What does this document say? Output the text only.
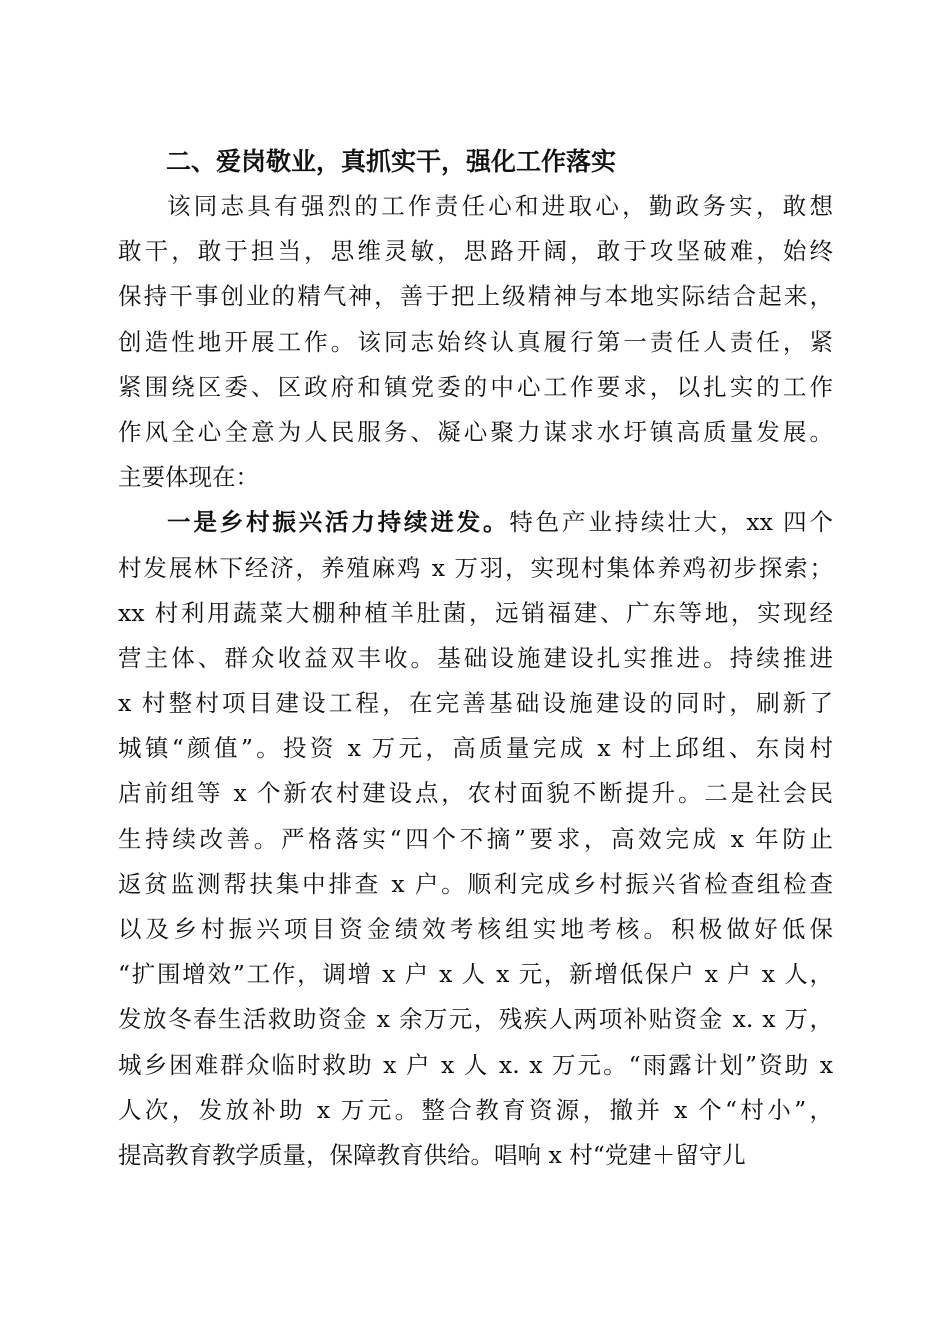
二、爱岗敬业，真抓实干，强化工作落实
该同志具有强烈的工作责任心和进取心，勤政务实，敢想
敢干，敢于担当，思维灵敏，思路开阔，敢于攻坚破难，始终
保持干事创业的精气神，善于把上级精神与本地实际结合起来，
创造性地开展工作。该同志始终认真履行第一责任人责任，紧
紧围绕区委、区政府和镇党委的中心工作要求，以扎实的工作
作风全心全意为人民服务、凝心聚力谋求水圩镇高质量发展。
主要体现在：
一是乡村振兴活力持续迸发。特色产业持续壮大，xx 四个
村发展林下经济，养殖麻鸡 x 万羽，实现村集体养鸡初步探索；
xx 村利用蔬菜大棚种植羊肚菌，远销福建、广东等地，实现经
营主体、群众收益双丰收。基础设施建设扎实推进。持续推进
x 村整村项目建设工程，在完善基础设施建设的同时，刷新了
城镇“颜值”。投资 x 万元，高质量完成 x 村上邱组、东岗村
店前组等 x 个新农村建设点，农村面貌不断提升。二是社会民
生持续改善。严格落实“四个不摘”要求，高效完成 x 年防止
返贫监测帮扶集中排查 x 户。顺利完成乡村振兴省检查组检查
以及乡村振兴项目资金绩效考核组实地考核。积极做好低保
“扩围增效”工作，调增 x 户 x 人 x 元，新增低保户 x 户 x 人，
发放冬春生活救助资金 x 余万元，残疾人两项补贴资金 x. x 万，
城乡困难群众临时救助 x 户 x 人 x. x 万元。“雨露计划”资助 x
人次，发放补助 x 万元。整合教育资源，撤并 x 个“村小”，
提高教育教学质量，保障教育供给。唱响 x 村“党建＋留守儿
